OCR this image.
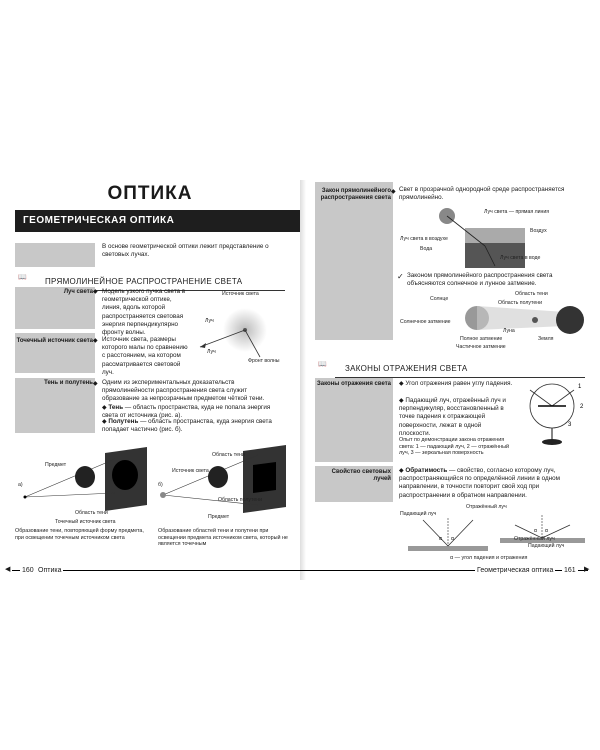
ОПТИКА
ГЕОМЕТРИЧЕСКАЯ ОПТИКА
В основе геометрической оптики лежит представление о световых лучах.
📖 ПРЯМОЛИНЕЙНОЕ РАСПРОСТРАНЕНИЕ СВЕТА
Луч света ◆ Модель узкого пучка света в геометрической оптике, линия, вдоль которой распространяется световая энергия перпендикулярно фронту волны.
Источник света
Луч
Луч
Фронт волны
Точечный источник света ◆ Источник света, размеры которого малы по сравнению с расстоянием, на котором рассматривается световой луч.
Тень и полутень ◆ Одним из экспериментальных доказательств прямолинейности распространения света служит образование за непрозрачным предметом чёткой тени.
◆ Тень — область пространства, куда не попала энергия света от источника (рис. а).
◆ Полутень — область пространства, куда энергия света попадает частично (рис. б).
а)
Предмет
Область тени
Точечный источник света
б)
Область тени
Источник света
Область полутени
Предмет
Образование тени, повторяющей форму предмета, при освещении точечным источником света
Образование областей тени и полутени при освещении предмета источником света, который не является точечным
◀ 160 Оптика
Закон прямолинейного распространения света
◆ Свет в прозрачной однородной среде распространяется прямолинейно.
Луч света — прямая линия
Воздух
Луч света в воздухе
Вода
Луч света в воде
✓ Законом прямолинейного распространения света объясняются солнечное и лунное затмение.
Солнце
Область тени
Область полутени
Солнечное затмение
Луна
Полное затмение
Частичное затмение
Земля
📖 ЗАКОНЫ ОТРАЖЕНИЯ СВЕТА
Законы отражения света ◆ Угол отражения равен углу падения.
◆ Падающий луч, отражённый луч и перпендикуляр, восстановленный в точке падения к отражающей поверхности, лежат в одной плоскости.
Опыт по демонстрации закона отражения света: 1 — падающий луч, 2 — отражённый луч, 3 — зеркальная поверхность
1
2
3
Свойство световых лучей
◆ Обратимость — свойство, согласно которому луч, распространяющийся по определённой линии в одном направлении, в точности повторит свой ход при распространении в обратном направлении.
α α
α α
Падающий луч
Отражённый луч
Отражённый луч
Падающий луч
α — угол падения и отражения
Геометрическая оптика 161 ▶
